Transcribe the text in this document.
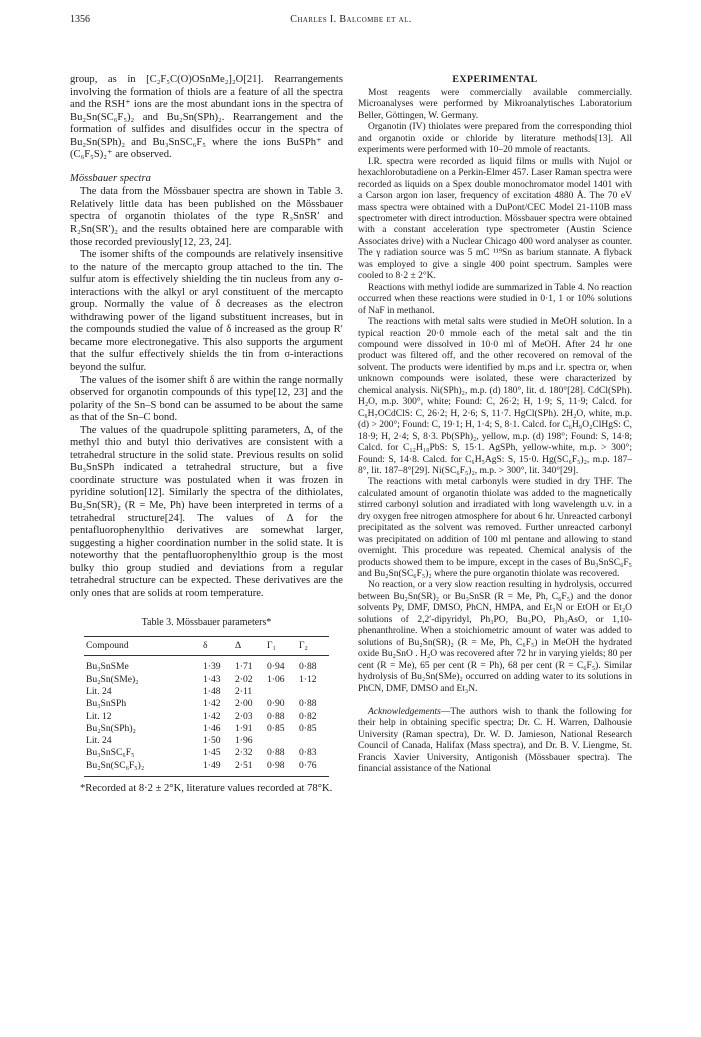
1356	Charles I. Balcombe et al.

group, as in [C₂F₅C(O)OSnMe₂]₂O[21]. Rearrangements involving the formation of thiols are a feature of all the spectra and the RSH⁺ ions are the most abundant ions in the spectra of Bu₂Sn(SC₆F₅)₂ and Bu₂Sn(SPh)₂. Rearrangement and the formation of sulfides and disulfides occur in the spectra of Bu₂Sn(SPh)₂ and Bu₃SnSC₆F₅ where the ions BuSPh⁺ and (C₆F₅S)₂⁺ are observed.

Mössbauer spectra

The data from the Mössbauer spectra are shown in Table 3. Relatively little data has been published on the Mössbauer spectra of organotin thiolates of the type R₃SnSR′ and R₂Sn(SR′)₂ and the results obtained here are comparable with those recorded previously[12, 23, 24].

The isomer shifts of the compounds are relatively insensitive to the nature of the mercapto group attached to the tin. The sulfur atom is effectively shielding the tin nucleus from any σ-interactions with the alkyl or aryl constituent of the mercapto group. Normally the value of δ decreases as the electron withdrawing power of the ligand substituent increases, but in the compounds studied the value of δ increased as the group R′ became more electronegative. This also supports the argument that the sulfur effectively shields the tin from σ-interactions beyond the sulfur.

The values of the isomer shift δ are within the range normally observed for organotin compounds of this type[12, 23] and the polarity of the Sn–S bond can be assumed to be about the same as that of the Sn–C bond.

The values of the quadrupole splitting parameters, Δ, of the methyl thio and butyl thio derivatives are consistent with a tetrahedral structure in the solid state. Previous results on solid Bu₃SnSPh indicated a tetrahedral structure, but a five coordinate structure was postulated when it was frozen in pyridine solution[12]. Similarly the spectra of the dithiolates, Bu₂Sn(SR)₂ (R = Me, Ph) have been interpreted in terms of a tetrahedral structure[24]. The values of Δ for the pentafluorophenylthio derivatives are somewhat larger, suggesting a higher coordination number in the solid state. It is noteworthy that the pentafluorophenylthio group is the most bulky thio group studied and deviations from a regular tetrahedral structure can be expected. These derivatives are the only ones that are solids at room temperature.

Table 3. Mössbauer parameters*
Compound	δ	Δ	Γ₁	Γ₂
Bu₃SnSMe	1·39	1·71	0·94	0·88
Bu₂Sn(SMe)₂	1·43	2·02	1·06	1·12
Lit. 24	1·48	2·11		
Bu₃SnSPh	1·42	2·00	0·90	0·88
Lit. 12	1·42	2·03	0·88	0·82
Bu₂Sn(SPh)₂	1·46	1·91	0·85	0·85
Lit. 24	1·50	1·96		
Bu₃SnSC₆F₅	1·45	2·32	0·88	0·83
Bu₂Sn(SC₆F₅)₂	1·49	2·51	0·98	0·76

*Recorded at 8·2 ± 2°K, literature values recorded at 78°K.

EXPERIMENTAL

Most reagents were commercially available commercially. Microanalyses were performed by Mikroanalytisches Laboratorium Beller, Göttingen, W. Germany.

Organotin (IV) thiolates were prepared from the corresponding thiol and organotin oxide or chloride by literature methods[13]. All experiments were performed with 10–20 mmole of reactants.

I.R. spectra were recorded as liquid films or mulls with Nujol or hexachlorobutadiene on a Perkin-Elmer 457. Laser Raman spectra were recorded as liquids on a Spex double monochromator model 1401 with a Carson argon ion laser, frequency of excitation 4880 Å. The 70 eV mass spectra were obtained with a DuPont/CEC Model 21-110B mass spectrometer with direct introduction. Mössbauer spectra were obtained with a constant acceleration type spectrometer (Austin Science Associates drive) with a Nuclear Chicago 400 word analyser as counter. The γ radiation source was 5 mC ¹¹⁹Sn as barium stannate. A flyback was employed to give a single 400 point spectrum. Samples were cooled to 8·2 ± 2°K.

Reactions with methyl iodide are summarized in Table 4. No reaction occurred when these reactions were studied in 0·1, 1 or 10% solutions of NaF in methanol.

The reactions with metal salts were studied in MeOH solution. In a typical reaction 20·0 mmole each of the metal salt and the tin compound were dissolved in 10·0 ml of MeOH. After 24 hr one product was filtered off, and the other recovered on removal of the solvent. The products were identified by m.ps and i.r. spectra or, when unknown compounds were isolated, these were characterized by chemical analysis. Ni(SPh)₂, m.p. (d) 180°, lit. d. 180°[28]. CdCl(SPh). H₂O, m.p. 300°, white; Found: C, 26·2; H, 1·9; S, 11·9; Calcd. for C₆H₇OCdClS: C, 26·2; H, 2·6; S, 11·7. HgCl(SPh). 2H₂O, white, m.p. (d) > 200°; Found: C, 19·1; H, 1·4; S, 8·1. Calcd. for C₆H₉O₂ClHgS: C, 18·9; H, 2·4; S, 8·3. Pb(SPh)₂, yellow, m.p. (d) 198°; Found: S, 14·8; Calcd. for C₁₂H₁₀PbS: S, 15·1. AgSPh, yellow-white, m.p. > 300°; Found: S, 14·8. Calcd. for C₆H₅AgS: S, 15·0. Hg(SC₆F₅)₂, m.p. 187–8°, lit. 187–8°[29]. Ni(SC₆F₅)₂, m.p. > 300°, lit. 340°[29].

The reactions with metal carbonyls were studied in dry THF. The calculated amount of organotin thiolate was added to the magnetically stirred carbonyl solution and irradiated with long wavelength u.v. in a dry oxygen free nitrogen atmosphere for about 6 hr. Unreacted carbonyl precipitated as the solvent was removed. Further unreacted carbonyl was precipitated on addition of 100 ml pentane and allowing to stand overnight. This procedure was repeated. Chemical analysis of the products showed them to be impure, except in the cases of Bu₃SnSC₆F₅ and Bu₂Sn(SC₆F₅)₂ where the pure organotin thiolate was recovered.

No reaction, or a very slow reaction resulting in hydrolysis, occurred between Bu₂Sn(SR)₂ or Bu₃SnSR (R = Me, Ph, C₆F₅) and the donor solvents Py, DMF, DMSO, PhCN, HMPA, and Et₃N or EtOH or Et₂O solutions of 2,2′-dipyridyl, Ph₃PO, Bu₃PO, Ph₃AsO, or 1,10-phenanthroline. When a stoichiometric amount of water was added to solutions of Bu₂Sn(SR)₂ (R = Me, Ph, C₆F₅) in MeOH the hydrated oxide Bu₂SnO . H₂O was recovered after 72 hr in varying yields; 80 per cent (R = Me), 65 per cent (R = Ph), 68 per cent (R = C₆F₅). Similar hydrolysis of Bu₂Sn(SMe)₂ occurred on adding water to its solutions in PhCN, DMF, DMSO and Et₃N.

Acknowledgements—The authors wish to thank the following for their help in obtaining specific spectra; Dr. C. H. Warren, Dalhousie University (Raman spectra), Dr. W. D. Jamieson, National Research Council of Canada, Halifax (Mass spectra), and Dr. B. V. Liengme, St. Francis Xavier University, Antigonish (Mössbauer spectra). The financial assistance of the National
